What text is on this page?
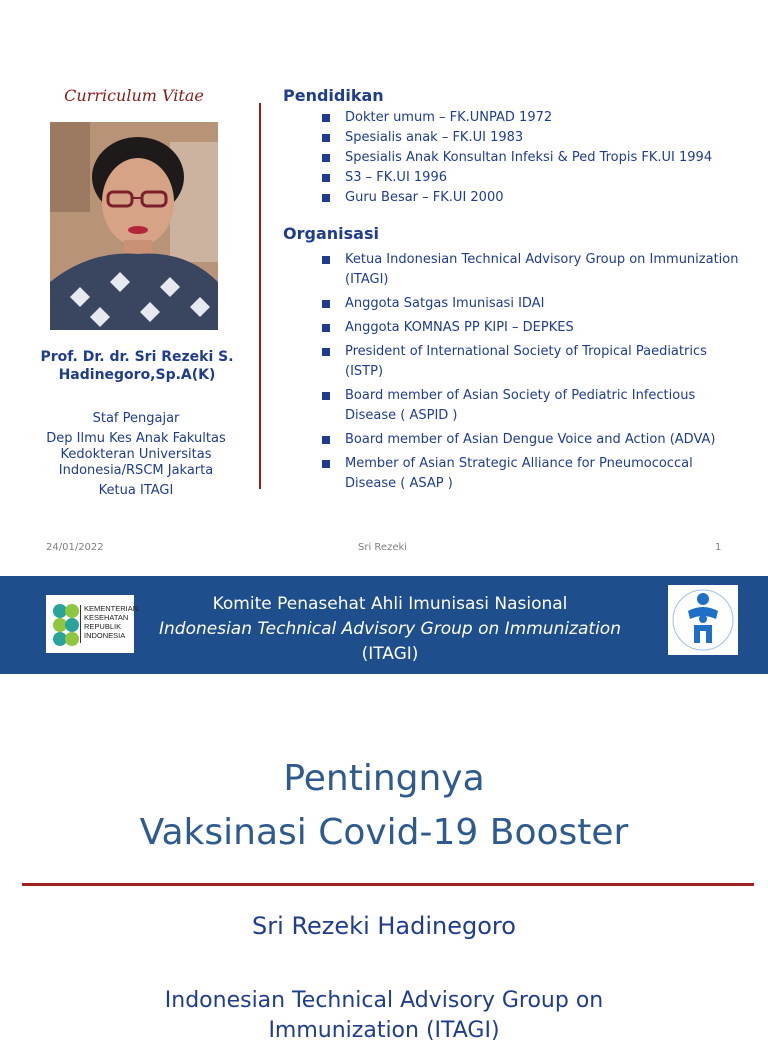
Curriculum Vitae
Prof. Dr. dr. Sri Rezeki S.
Hadinegoro,Sp.A(K)
Staf Pengajar
Dep Ilmu Kes Anak Fakultas
Kedokteran Universitas
Indonesia/RSCM Jakarta
Ketua ITAGI
Pendidikan
Dokter umum – FK.UNPAD 1972
Spesialis anak – FK.UI 1983
Spesialis Anak Konsultan Infeksi & Ped Tropis FK.UI 1994
S3 – FK.UI 1996
Guru Besar – FK.UI 2000
Organisasi
Ketua Indonesian Technical Advisory Group on Immunization (ITAGI)
Anggota Satgas Imunisasi IDAI
Anggota KOMNAS PP KIPI – DEPKES
President of International Society of Tropical Paediatrics (ISTP)
Board member of Asian Society of Pediatric Infectious Disease ( ASPID )
Board member of Asian Dengue Voice and Action (ADVA)
Member of Asian Strategic Alliance for Pneumococcal Disease ( ASAP )
24/01/2022	Sri Rezeki	1
KEMENTERIAN
KESEHATAN
REPUBLIK
INDONESIA
Komite Penasehat Ahli Imunisasi Nasional
Indonesian Technical Advisory Group on Immunization
(ITAGI)
Pentingnya
Vaksinasi Covid-19 Booster
Sri Rezeki Hadinegoro
Indonesian Technical Advisory Group on
Immunization (ITAGI)
